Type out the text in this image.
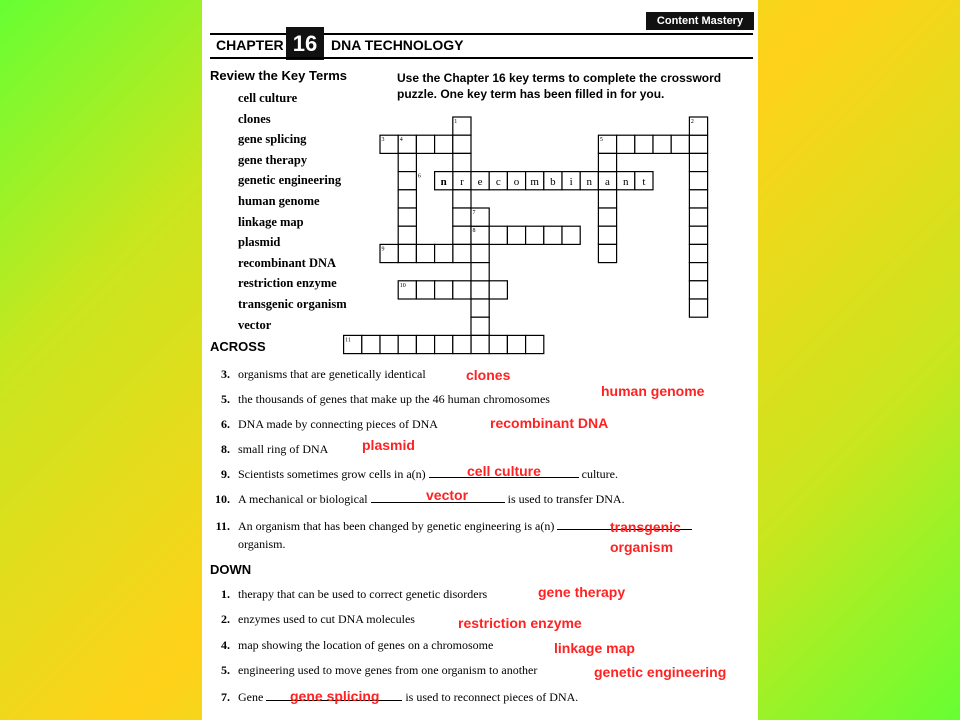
Content Mastery
CHAPTER 16 DNA TECHNOLOGY
Review the Key Terms
cell culture
clones
gene splicing
gene therapy
genetic engineering
human genome
linkage map
plasmid
recombinant DNA
restriction enzyme
transgenic organism
vector
Use the Chapter 16 key terms to complete the crossword puzzle. One key term has been filled in for you.
1	2
3	4	5
6
7
8
9
10
11
n r e c o m b i n a n t
ACROSS
3. organisms that are genetically identical
5. the thousands of genes that make up the 46 human chromosomes
6. DNA made by connecting pieces of DNA
8. small ring of DNA
9. Scientists sometimes grow cells in a(n)	culture.
10. A mechanical or biological	is used to transfer DNA.
11. An organism that has been changed by genetic engineering is a(n)
organism.
DOWN
1. therapy that can be used to correct genetic disorders
2. enzymes used to cut DNA molecules
4. map showing the location of genes on a chromosome
5. engineering used to move genes from one organism to another
7. Gene	is used to reconnect pieces of DNA.
clones
human genome
recombinant DNA
plasmid
cell culture
vector
transgenic
organism
gene therapy
restriction enzyme
linkage map
genetic engineering
gene splicing
